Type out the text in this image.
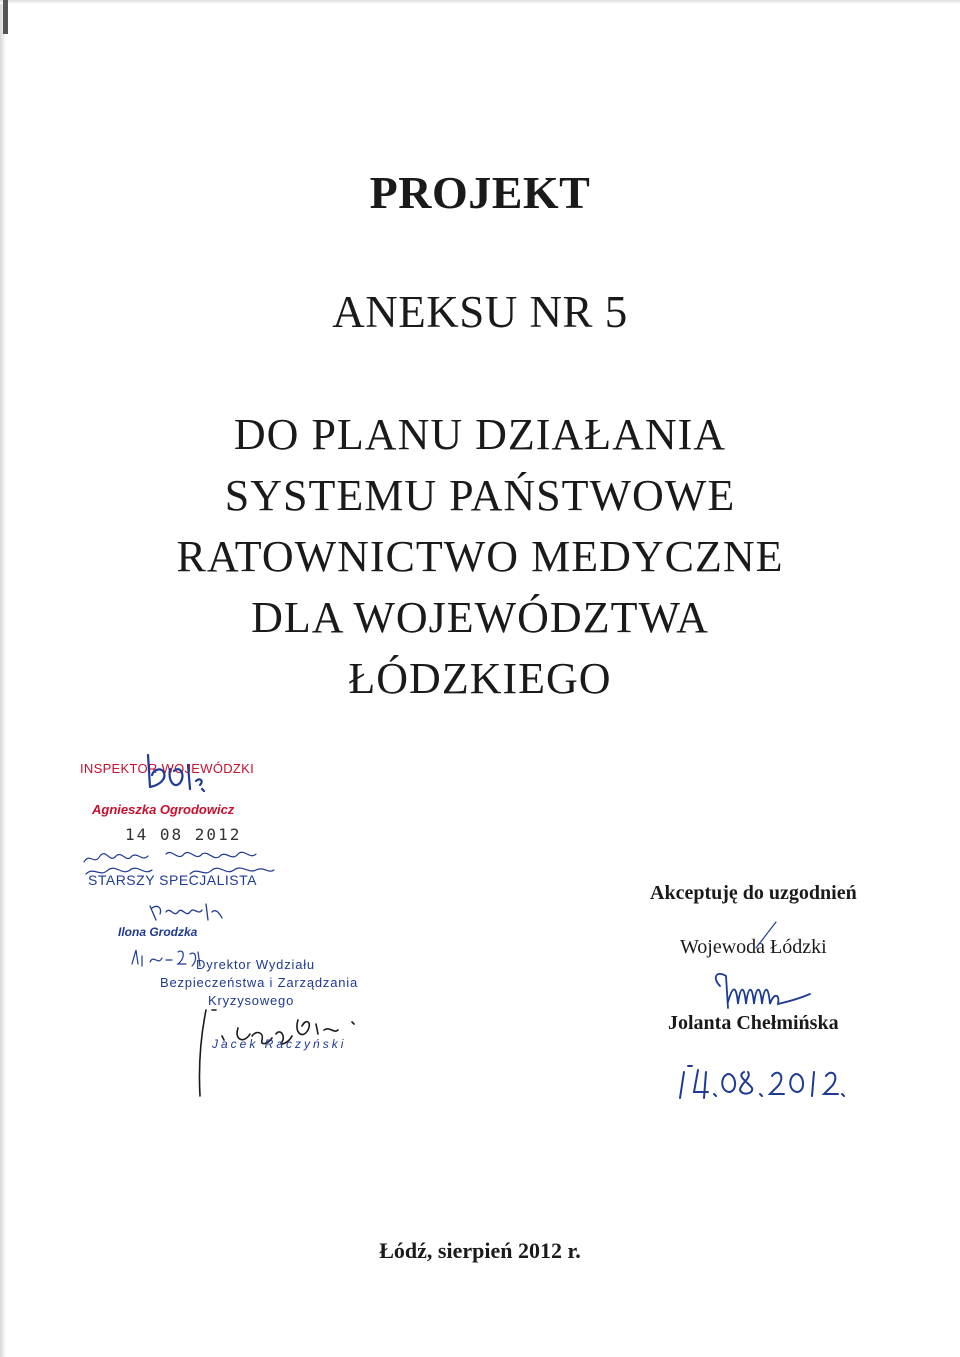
PROJEKT
ANEKSU NR 5
DO PLANU DZIAŁANIA
SYSTEMU PAŃSTWOWE
RATOWNICTWO MEDYCZNE
DLA WOJEWÓDZTWA
ŁÓDZKIEGO
INSPEKTOR WOJEWÓDZKI
Agnieszka Ogrodowicz
14 08 2012
STARSZY SPECJALISTA
Ilona Grodzka
Dyrektor Wydziału
Bezpieczeństwa i Zarządzania
Kryzysowego
Jacek Raczyński
Akceptuję do uzgodnień
Wojewoda Łódzki
Jolanta Chełmińska
Łódź, sierpień 2012 r.
